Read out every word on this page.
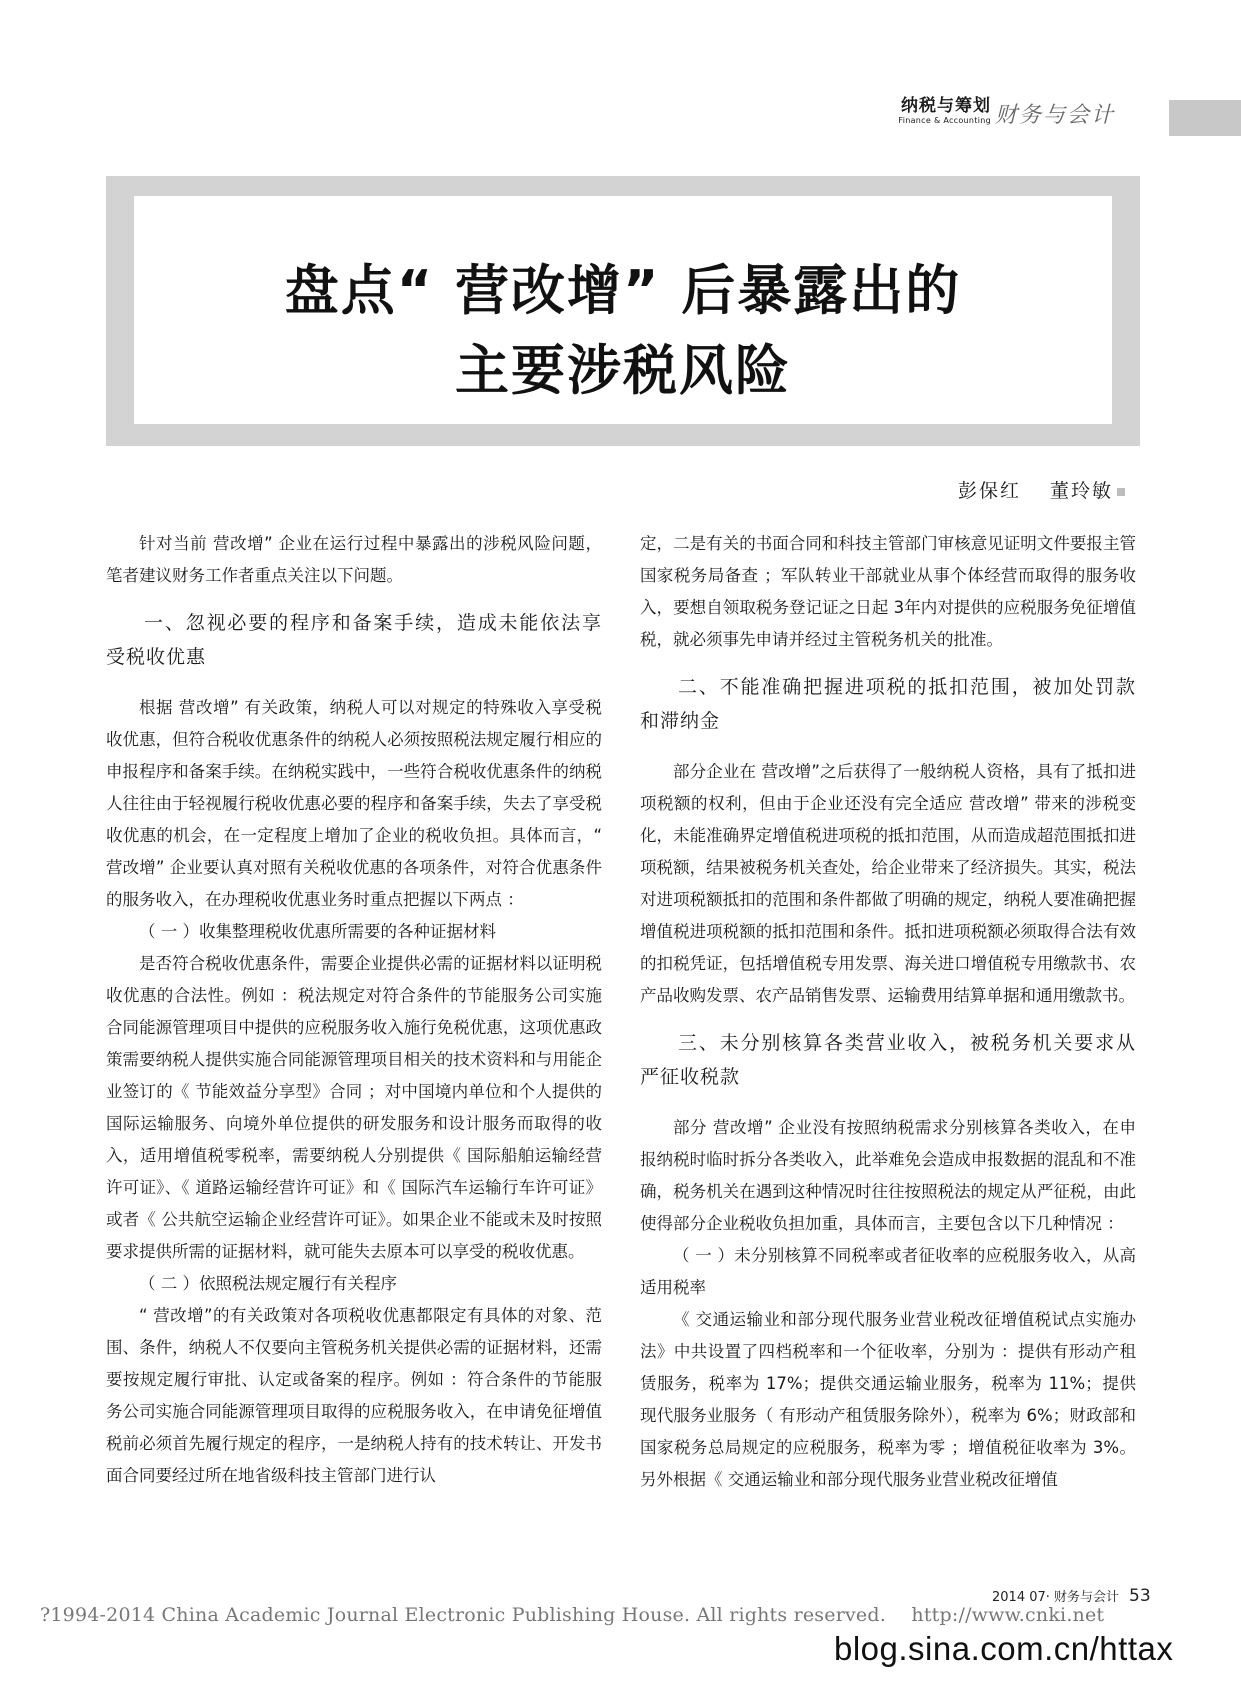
纳税与筹划
Finance & Accounting 财务与会计
盘点“ 营改增” 后暴露出的
主要涉税风险
彭保红　 董玲敏

针对当前 营改增” 企业在运行过程中暴露出的涉税风险问题，笔者建议财务工作者重点关注以下问题。

一、忽视必要的程序和备案手续，造成未能依法享受税收优惠

根据 营改增” 有关政策，纳税人可以对规定的特殊收入享受税收优惠，但符合税收优惠条件的纳税人必须按照税法规定履行相应的申报程序和备案手续。在纳税实践中，一些符合税收优惠条件的纳税人往往由于轻视履行税收优惠必要的程序和备案手续，失去了享受税收优惠的机会，在一定程度上增加了企业的税收负担。具体而言，“ 营改增” 企业要认真对照有关税收优惠的各项条件，对符合优惠条件的服务收入，在办理税收优惠业务时重点把握以下两点 ：

（ 一 ）收集整理税收优惠所需要的各种证据材料

是否符合税收优惠条件，需要企业提供必需的证据材料以证明税收优惠的合法性。例如 ：税法规定对符合条件的节能服务公司实施合同能源管理项目中提供的应税服务收入施行免税优惠，这项优惠政策需要纳税人提供实施合同能源管理项目相关的技术资料和与用能企业签订的《 节能效益分享型》合同 ；对中国境内单位和个人提供的国际运输服务、向境外单位提供的研发服务和设计服务而取得的收入，适用增值税零税率，需要纳税人分别提供《 国际船舶运输经营许可证》、《 道路运输经营许可证》和《 国际汽车运输行车许可证》或者《 公共航空运输企业经营许可证》。如果企业不能或未及时按照要求提供所需的证据材料，就可能失去原本可以享受的税收优惠。

（ 二 ）依照税法规定履行有关程序

“ 营改增”的有关政策对各项税收优惠都限定有具体的对象、范围、条件，纳税人不仅要向主管税务机关提供必需的证据材料，还需要按规定履行审批、认定或备案的程序。例如 ：符合条件的节能服务公司实施合同能源管理项目取得的应税服务收入，在申请免征增值税前必须首先履行规定的程序，一是纳税人持有的技术转让、开发书面合同要经过所在地省级科技主管部门进行认

定，二是有关的书面合同和科技主管部门审核意见证明文件要报主管国家税务局备查 ；军队转业干部就业从事个体经营而取得的服务收入，要想自领取税务登记证之日起 3年内对提供的应税服务免征增值税，就必须事先申请并经过主管税务机关的批准。

二、不能准确把握进项税的抵扣范围，被加处罚款和滞纳金

部分企业在 营改增”之后获得了一般纳税人资格，具有了抵扣进项税额的权利，但由于企业还没有完全适应 营改增” 带来的涉税变化，未能准确界定增值税进项税的抵扣范围，从而造成超范围抵扣进项税额，结果被税务机关查处，给企业带来了经济损失。其实，税法对进项税额抵扣的范围和条件都做了明确的规定，纳税人要准确把握增值税进项税额的抵扣范围和条件。抵扣进项税额必须取得合法有效的扣税凭证，包括增值税专用发票、海关进口增值税专用缴款书、农产品收购发票、农产品销售发票、运输费用结算单据和通用缴款书。

三、未分别核算各类营业收入，被税务机关要求从严征收税款

部分 营改增” 企业没有按照纳税需求分别核算各类收入，在申报纳税时临时拆分各类收入，此举难免会造成申报数据的混乱和不准确，税务机关在遇到这种情况时往往按照税法的规定从严征税，由此使得部分企业税收负担加重，具体而言，主要包含以下几种情况 ：

（ 一 ）未分别核算不同税率或者征收率的应税服务收入，从高适用税率

《 交通运输业和部分现代服务业营业税改征增值税试点实施办法》中共设置了四档税率和一个征收率，分别为 ：提供有形动产租赁服务，税率为 17%；提供交通运输业服务，税率为 11%；提供现代服务业服务（ 有形动产租赁服务除外），税率为 6%；财政部和国家税务总局规定的应税服务，税率为零 ；增值税征收率为 3%。另外根据《 交通运输业和部分现代服务业营业税改征增值

2014 07· 财务与会计 53
?1994-2014 China Academic Journal Electronic Publishing House. All rights reserved.　 http://www.cnki.net
blog.sina.com.cn/httax
